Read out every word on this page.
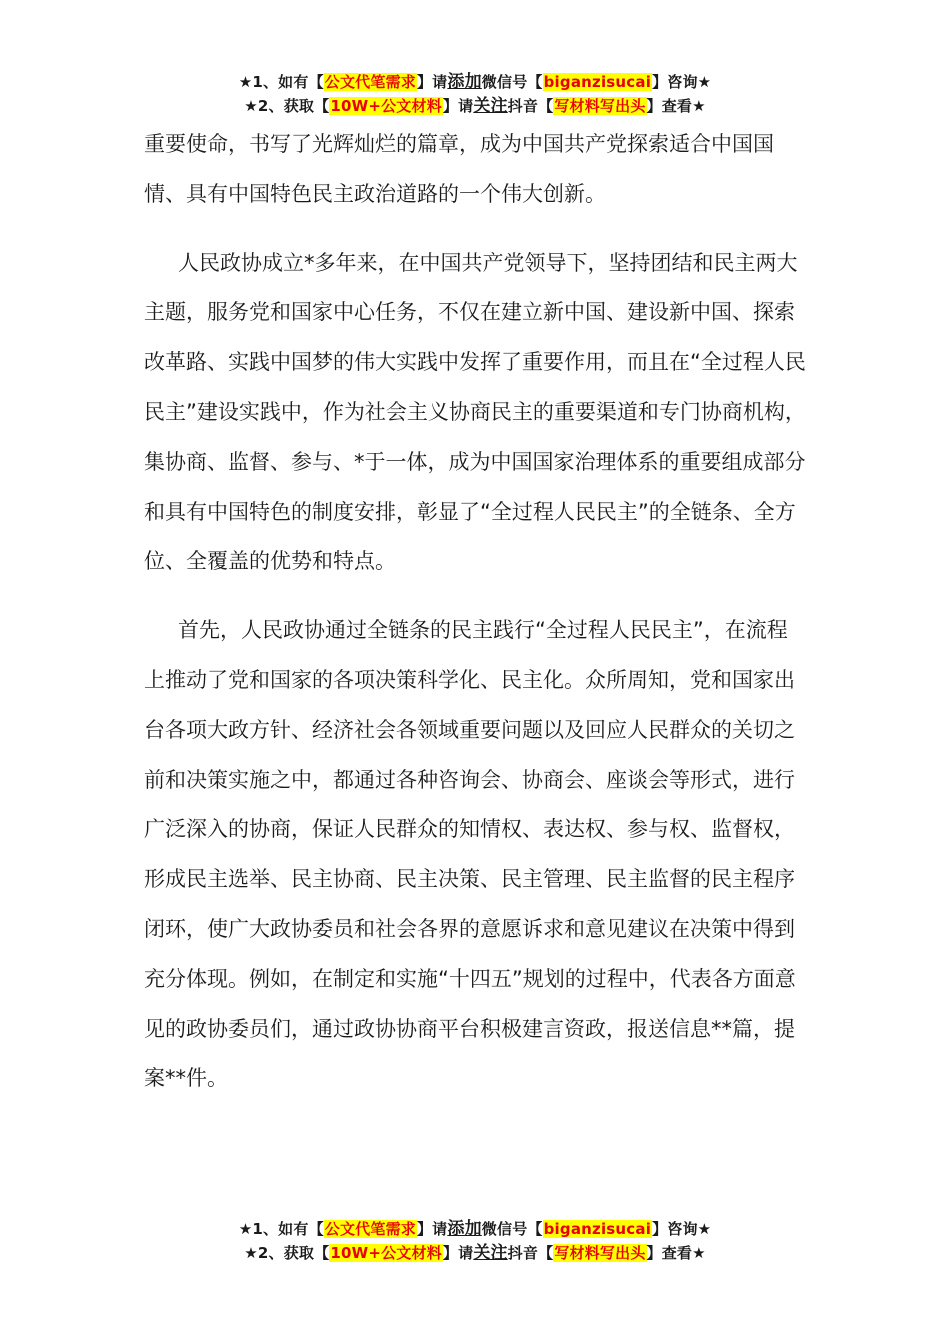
★1、如有【公文代笔需求】请添加微信号【biganzisucai】咨询★
★2、获取【10W+公文材料】请关注抖音【写材料写出头】查看★

重要使命，书写了光辉灿烂的篇章，成为中国共产党探索适合中国国情、具有中国特色民主政治道路的一个伟大创新。

人民政协成立*多年来，在中国共产党领导下，坚持团结和民主两大主题，服务党和国家中心任务，不仅在建立新中国、建设新中国、探索改革路、实践中国梦的伟大实践中发挥了重要作用，而且在“全过程人民民主”建设实践中，作为社会主义协商民主的重要渠道和专门协商机构，集协商、监督、参与、*于一体，成为中国国家治理体系的重要组成部分和具有中国特色的制度安排，彰显了“全过程人民民主”的全链条、全方位、全覆盖的优势和特点。

首先，人民政协通过全链条的民主践行“全过程人民民主”，在流程上推动了党和国家的各项决策科学化、民主化。众所周知，党和国家出台各项大政方针、经济社会各领域重要问题以及回应人民群众的关切之前和决策实施之中，都通过各种咨询会、协商会、座谈会等形式，进行广泛深入的协商，保证人民群众的知情权、表达权、参与权、监督权，形成民主选举、民主协商、民主决策、民主管理、民主监督的民主程序闭环，使广大政协委员和社会各界的意愿诉求和意见建议在决策中得到充分体现。例如，在制定和实施“十四五”规划的过程中，代表各方面意见的政协委员们，通过政协协商平台积极建言资政，报送信息**篇，提案**件。

★1、如有【公文代笔需求】请添加微信号【biganzisucai】咨询★
★2、获取【10W+公文材料】请关注抖音【写材料写出头】查看★
